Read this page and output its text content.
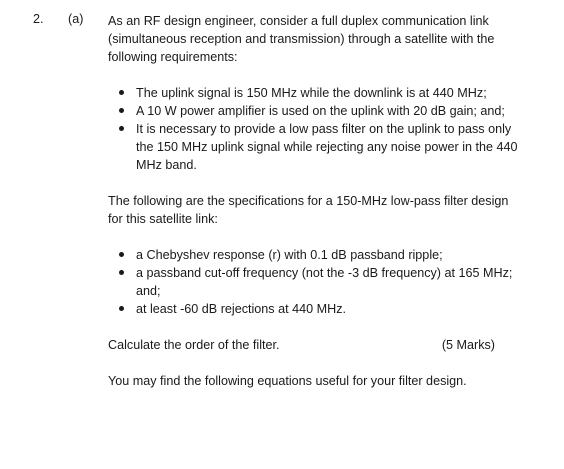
2. (a) As an RF design engineer, consider a full duplex communication link (simultaneous reception and transmission) through a satellite with the following requirements:

The uplink signal is 150 MHz while the downlink is at 440 MHz;
A 10 W power amplifier is used on the uplink with 20 dB gain; and;
It is necessary to provide a low pass filter on the uplink to pass only the 150 MHz uplink signal while rejecting any noise power in the 440 MHz band.

The following are the specifications for a 150-MHz low-pass filter design for this satellite link:

a Chebyshev response (r) with 0.1 dB passband ripple;
a passband cut-off frequency (not the -3 dB frequency) at 165 MHz; and;
at least -60 dB rejections at 440 MHz.
Calculate the order of the filter.	(5 Marks)

You may find the following equations useful for your filter design.
